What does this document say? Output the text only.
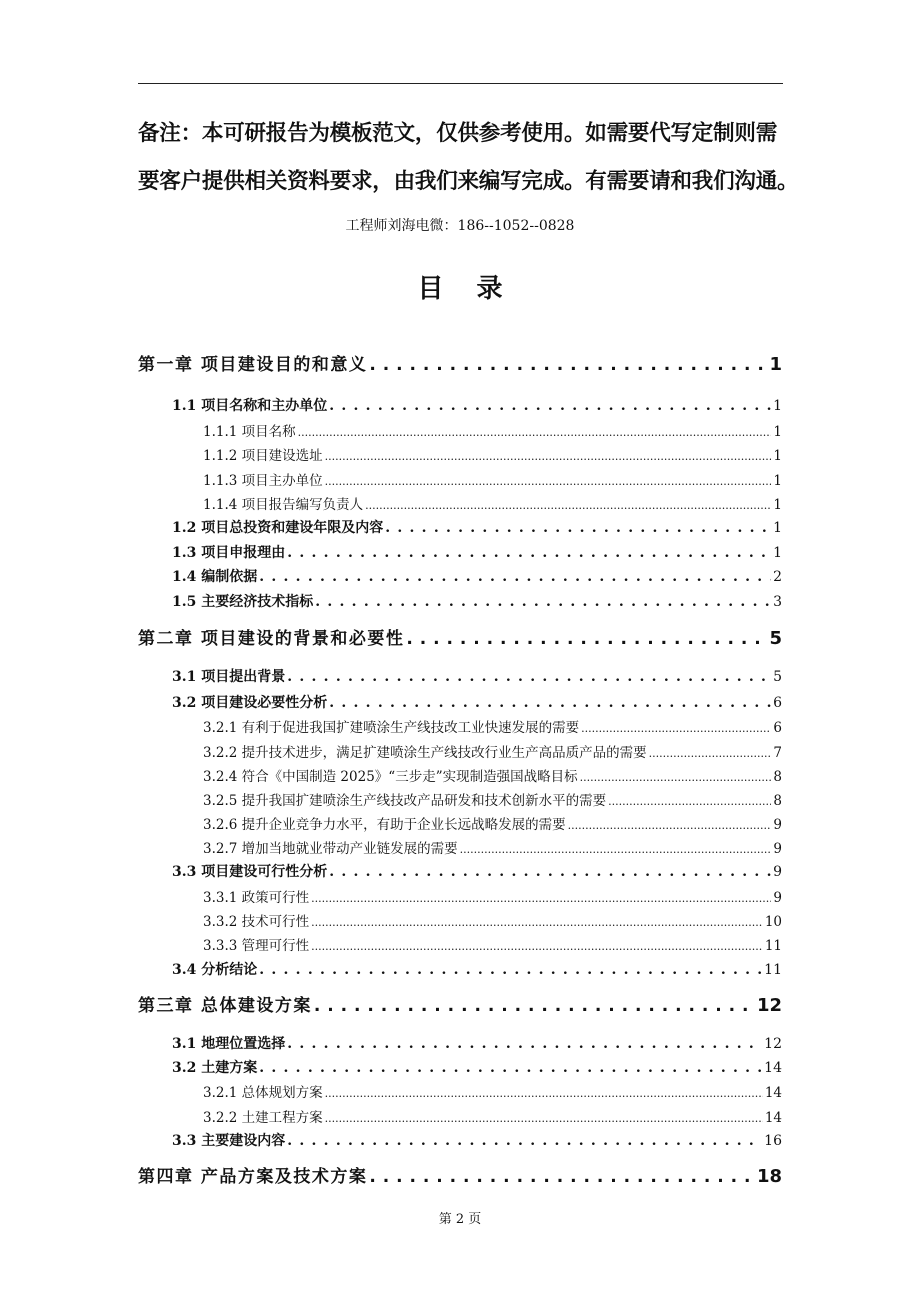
备注：本可研报告为模板范文，仅供参考使用。如需要代写定制则需

要客户提供相关资料要求，由我们来编写完成。有需要请和我们沟通。

工程师刘海电微：186--1052--0828
目 录
第一章 项目建设目的和意义 . . .	1
1.1 项目名称和主办单位 . . .	1
1.1.1 项目名称 .....	1
1.1.2 项目建设选址 .....	1
1.1.3 项目主办单位 .....	1
1.1.4 项目报告编写负责人 .....	1
1.2 项目总投资和建设年限及内容 . . .	1
1.3 项目申报理由 . . .	1
1.4 编制依据 . . .	2
1.5 主要经济技术指标 . . .	3
第二章 项目建设的背景和必要性 . . .	5
3.1 项目提出背景 . . .	5
3.2 项目建设必要性分析 . . .	6
3.2.1 有利于促进我国扩建喷涂生产线技改工业快速发展的需要 .....	6
3.2.2 提升技术进步，满足扩建喷涂生产线技改行业生产高品质产品的需要 .....	7
3.2.4 符合《中国制造 2025》“三步走”实现制造强国战略目标 .....	8
3.2.5 提升我国扩建喷涂生产线技改产品研发和技术创新水平的需要 .....	8
3.2.6 提升企业竞争力水平，有助于企业长远战略发展的需要 .....	9
3.2.7 增加当地就业带动产业链发展的需要 .....	9
3.3 项目建设可行性分析 . . .	9
3.3.1 政策可行性 .....	9
3.3.2 技术可行性 .....	10
3.3.3 管理可行性 .....	11
3.4 分析结论 . . .	11
第三章 总体建设方案 . . .	12
3.1 地理位置选择 . . .	12
3.2 土建方案 . . .	14
3.2.1 总体规划方案 .....	14
3.2.2 土建工程方案 .....	14
3.3 主要建设内容 . . .	16
第四章 产品方案及技术方案 . . .	18
第 2 页
